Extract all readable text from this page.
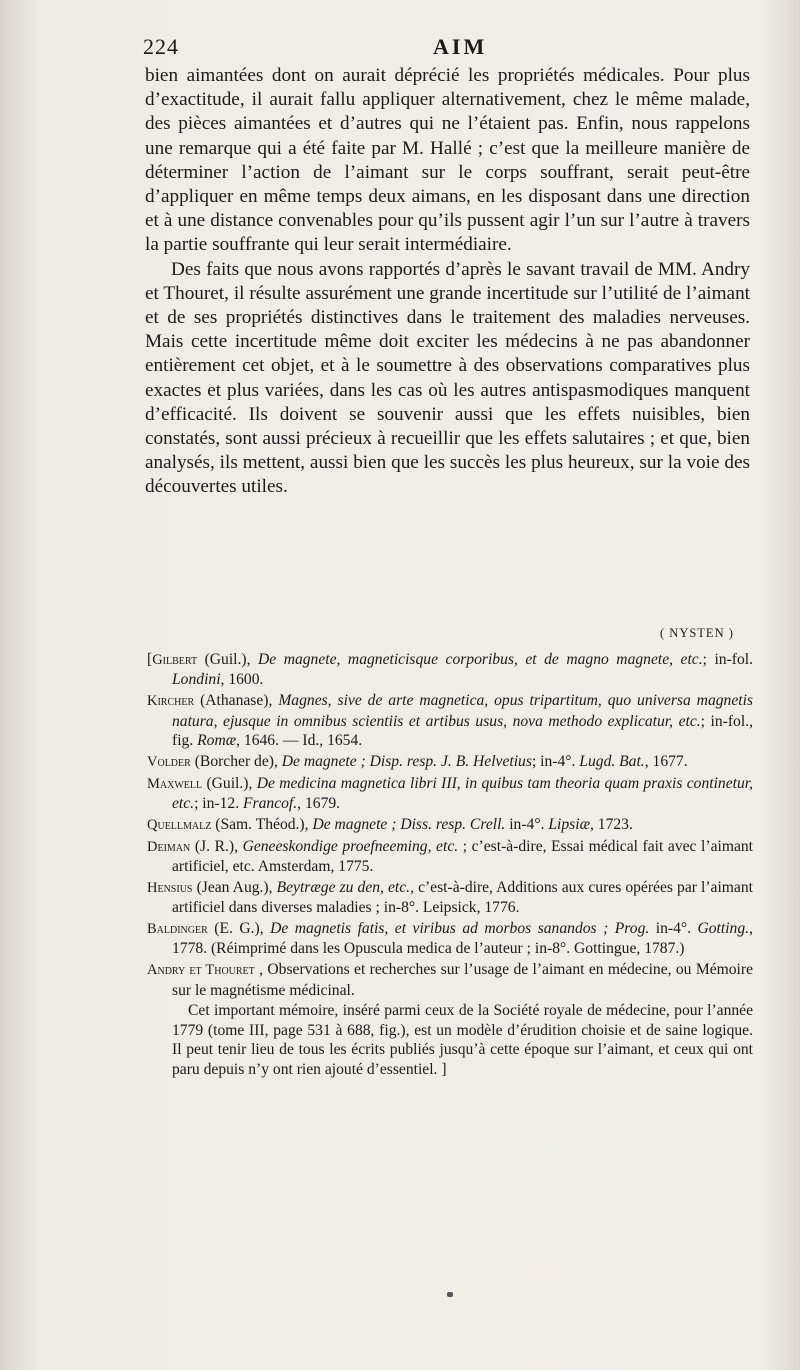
224	AIM

bien aimantées dont on aurait déprécié les propriétés médicales. Pour plus d’exactitude, il aurait fallu appliquer alternativement, chez le même malade, des pièces aimantées et d’autres qui ne l’étaient pas. Enfin, nous rappelons une remarque qui a été faite par M. Hallé ; c’est que la meilleure manière de déterminer l’action de l’aimant sur le corps souffrant, serait peut-être d’appliquer en même temps deux aimans, en les disposant dans une direction et à une distance convenables pour qu’ils pussent agir l’un sur l’autre à travers la partie souffrante qui leur serait intermédiaire.

Des faits que nous avons rapportés d’après le savant travail de MM. Andry et Thouret, il résulte assurément une grande incertitude sur l’utilité de l’aimant et de ses propriétés distinctives dans le traitement des maladies nerveuses. Mais cette incertitude même doit exciter les médecins à ne pas abandonner entièrement cet objet, et à le soumettre à des observations comparatives plus exactes et plus variées, dans les cas où les autres antispasmodiques manquent d’efficacité. Ils doivent se souvenir aussi que les effets nuisibles, bien constatés, sont aussi précieux à recueillir que les effets salutaires ; et que, bien analysés, ils mettent, aussi bien que les succès les plus heureux, sur la voie des découvertes utiles.

( NYSTEN )

[Gilbert (Guil.), De magnete, magneticisque corporibus, et de magno magnete, etc.; in-fol. Londini, 1600.

Kircher (Athanase), Magnes, sive de arte magnetica, opus tripartitum, quo universa magnetis natura, ejusque in omnibus scientiis et artibus usus, nova methodo explicatur, etc.; in-fol., fig. Romæ, 1646. — Id., 1654.

Volder (Borcher de), De magnete ; Disp. resp. J. B. Helvetius; in-4°. Lugd. Bat., 1677.

Maxwell (Guil.), De medicina magnetica libri III, in quibus tam theoria quam praxis continetur, etc.; in-12. Francof., 1679.

Quellmalz (Sam. Théod.), De magnete ; Diss. resp. Crell. in-4°. Lipsiæ, 1723.

Deiman (J. R.), Geneeskondige proefneeming, etc. ; c’est-à-dire, Essai médical fait avec l’aimant artificiel, etc. Amsterdam, 1775.

Hensius (Jean Aug.), Beytræge zu den, etc., c’est-à-dire, Additions aux cures opérées par l’aimant artificiel dans diverses maladies ; in-8°. Leipsick, 1776.

Baldinger (E. G.), De magnetis fatis, et viribus ad morbos sanandos ; Prog. in-4°. Gotting., 1778. (Réimprimé dans les Opuscula medica de l’auteur ; in-8°. Gottingue, 1787.)

Andry et Thouret , Observations et recherches sur l’usage de l’aimant en médecine, ou Mémoire sur le magnétisme médicinal.

Cet important mémoire, inséré parmi ceux de la Société royale de médecine, pour l’année 1779 (tome III, page 531 à 688, fig.), est un modèle d’érudition choisie et de saine logique. Il peut tenir lieu de tous les écrits publiés jusqu’à cette époque sur l’aimant, et ceux qui ont paru depuis n’y ont rien ajouté d’essentiel. ]
